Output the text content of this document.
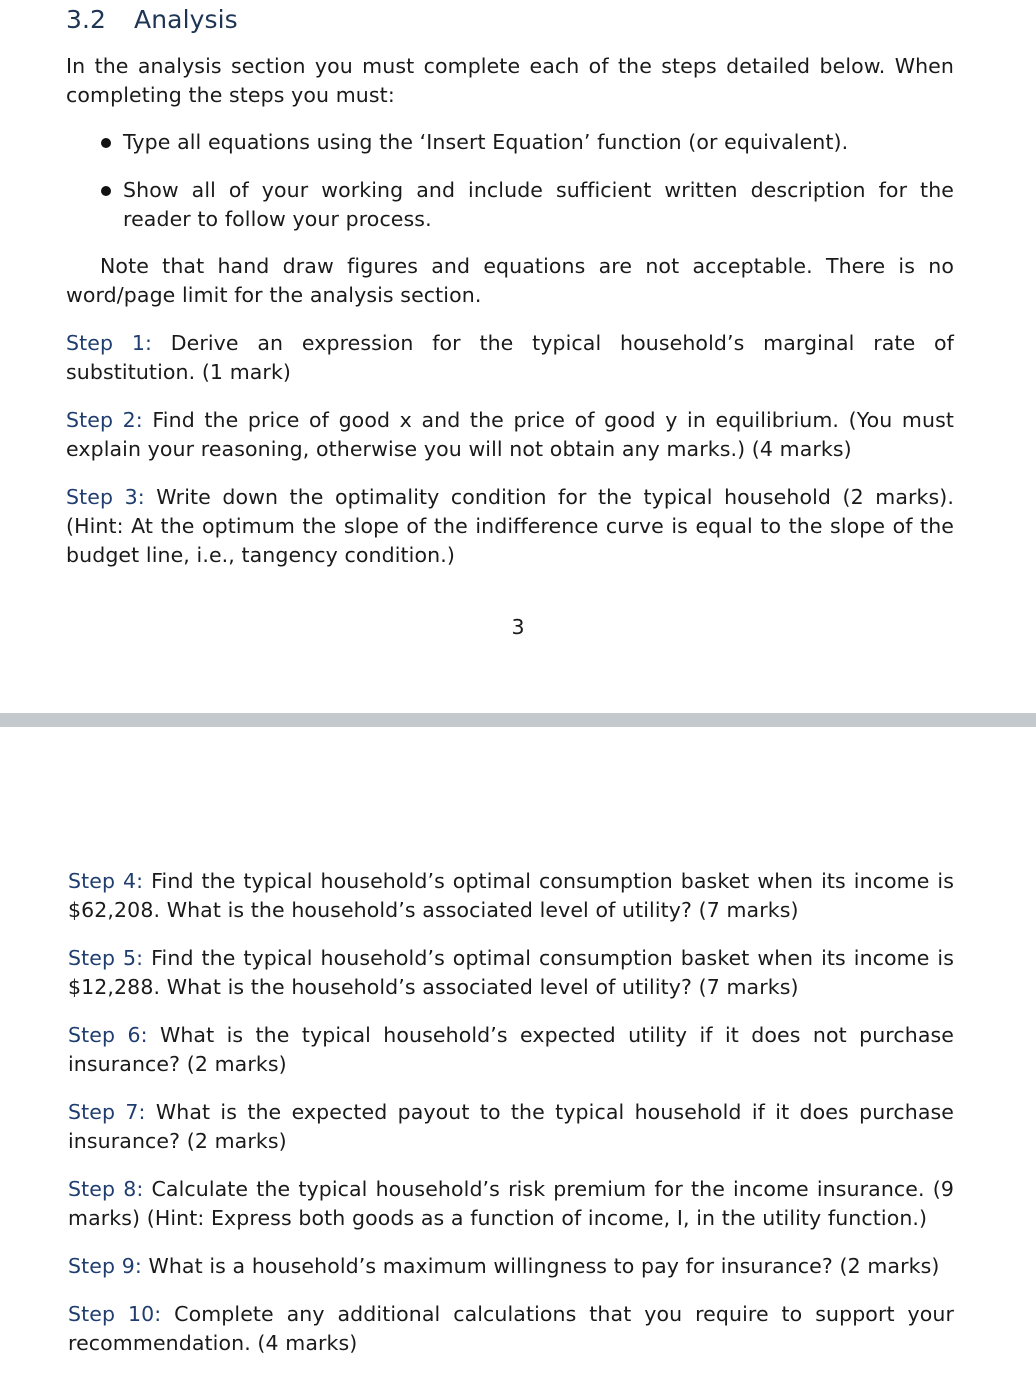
3.2 Analysis

In the analysis section you must complete each of the steps detailed below. When completing the steps you must:

Type all equations using the ‘Insert Equation’ function (or equivalent).
Show all of your working and include sufficient written description for the reader to follow your process.

Note that hand draw figures and equations are not acceptable. There is no word/page limit for the analysis section.

Step 1: Derive an expression for the typical household’s marginal rate of substitution. (1 mark)

Step 2: Find the price of good x and the price of good y in equilibrium. (You must explain your reasoning, otherwise you will not obtain any marks.) (4 marks)

Step 3: Write down the optimality condition for the typical household (2 marks). (Hint: At the optimum the slope of the indifference curve is equal to the slope of the budget line, i.e., tangency condition.)

3

Step 4: Find the typical household’s optimal consumption basket when its income is $62,208. What is the household’s associated level of utility? (7 marks)

Step 5: Find the typical household’s optimal consumption basket when its income is $12,288. What is the household’s associated level of utility? (7 marks)

Step 6: What is the typical household’s expected utility if it does not purchase insurance? (2 marks)

Step 7: What is the expected payout to the typical household if it does purchase insurance? (2 marks)

Step 8: Calculate the typical household’s risk premium for the income insurance. (9 marks) (Hint: Express both goods as a function of income, I, in the utility function.)

Step 9: What is a household’s maximum willingness to pay for insurance? (2 marks)

Step 10: Complete any additional calculations that you require to support your recommendation. (4 marks)
